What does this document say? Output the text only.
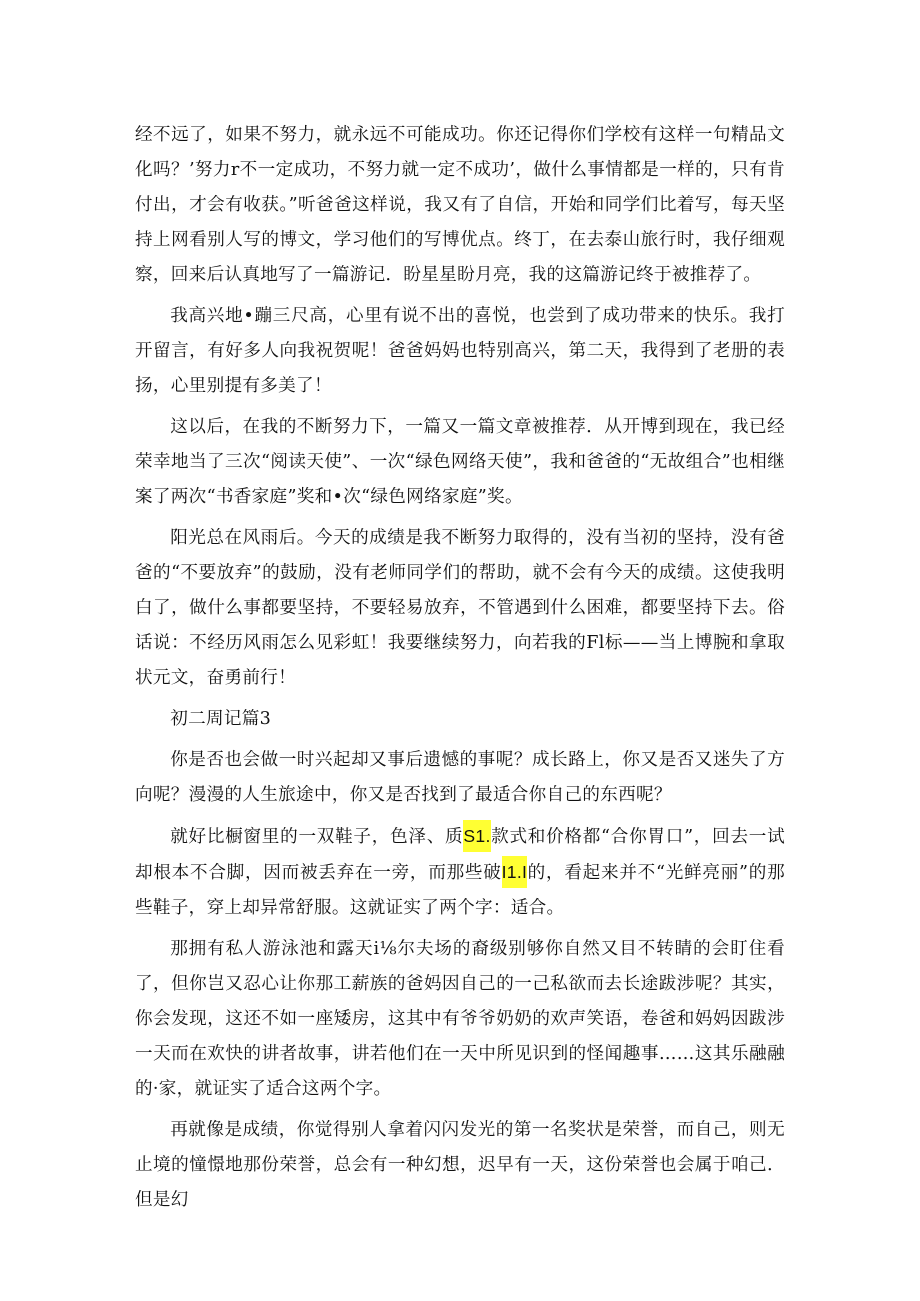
经不远了，如果不努力，就永远不可能成功。你还记得你们学校有这样一句精品文化吗？’努力r不一定成功，不努力就一定不成功’，做什么事情都是一样的，只有肯付出，才会有收获。”听爸爸这样说，我又有了自信，开始和同学们比着写，每天坚持上网看别人写的博文，学习他们的写博优点。终丁，在去泰山旅行时，我仔细观察，回来后认真地写了一篇游记．盼星星盼月亮，我的这篇游记终于被推荐了。

我高兴地•蹦三尺高，心里有说不出的喜悦，也尝到了成功带来的快乐。我打开留言，有好多人向我祝贺呢！爸爸妈妈也特别高兴，第二天，我得到了老册的表扬，心里别提有多美了！

这以后，在我的不断努力下，一篇又一篇文章被推荐．从开博到现在，我已经荣幸地当了三次“阅读天使”、一次“绿色网络天使”，我和爸爸的“无故组合”也相继案了两次“书香家庭”奖和•次“绿色网络家庭”奖。

阳光总在风雨后。今天的成绩是我不断努力取得的，没有当初的坚持，没有爸爸的“不要放弃”的鼓励，没有老师同学们的帮助，就不会有今天的成绩。这使我明白了，做什么事都要坚持，不要轻易放弃，不管遇到什么困难，都要坚持下去。俗话说：不经历风雨怎么见彩虹！我要继续努力，向若我的Fl标——当上博腕和拿取状元文，奋勇前行！

初二周记篇3

你是否也会做一时兴起却又事后遗憾的事呢？成长路上，你又是否又迷失了方向呢？漫漫的人生旅途中，你又是否找到了最适合你自己的东西呢？

就好比橱窗里的一双鞋子，色泽、质S1.款式和价格都“合你胃口”，回去一试却根本不合脚，因而被丢弃在一旁，而那些破I1.I的，看起来并不“光鲜亮丽”的那些鞋子，穿上却异常舒服。这就证实了两个字：适合。

那拥有私人游泳池和露天i⅛尔夫场的裔级别够你自然又目不转睛的会盯住看了，但你岂又忍心让你那工薪族的爸妈因自己的一己私欲而去长途跋涉呢？其实，你会发现，这还不如一座矮房，这其中有爷爷奶奶的欢声笑语，卷爸和妈妈因跋涉一天而在欢快的讲者故事，讲若他们在一天中所见识到的怪闻趣事……这其乐融融的·家，就证实了适合这两个字。

再就像是成绩，你觉得别人拿着闪闪发光的第一名奖状是荣誉，而自己，则无止境的憧憬地那份荣誉，总会有一种幻想，迟早有一天，这份荣誉也会属于咱己．但是幻
